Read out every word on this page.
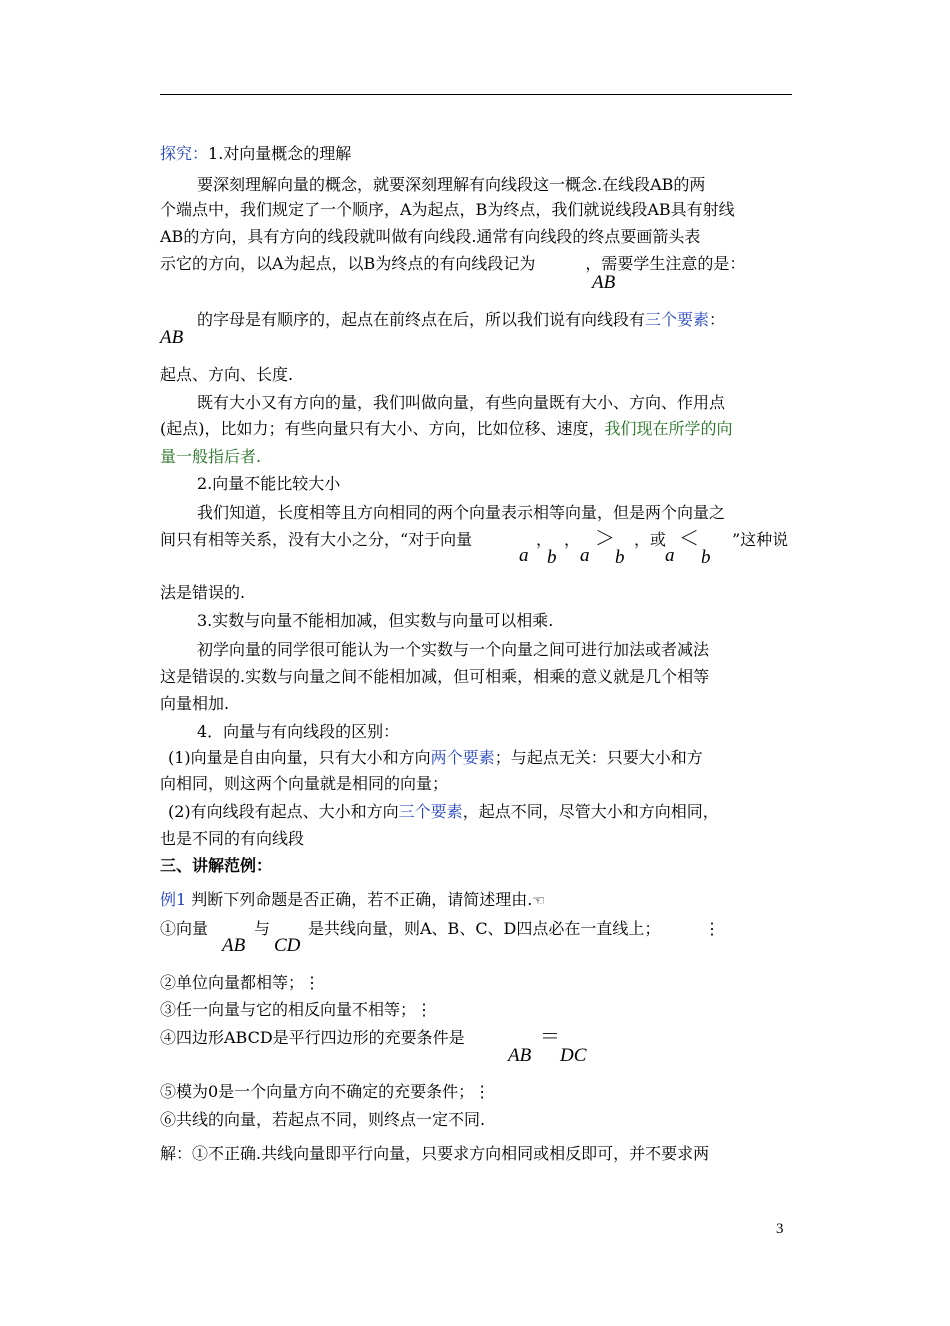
探究：1.对向量概念的理解
要深刻理解向量的概念，就要深刻理解有向线段这一概念.在线段AB的两
个端点中，我们规定了一个顺序，A为起点，B为终点，我们就说线段AB具有射线
AB的方向，具有方向的线段就叫做有向线段.通常有向线段的终点要画箭头表
示它的方向，以A为起点，以B为终点的有向线段记为	，需要学生注意的是：
AB
的字母是有顺序的，起点在前终点在后，所以我们说有向线段有三个要素：
AB
起点、方向、长度.
既有大小又有方向的量，我们叫做向量，有些向量既有大小、方向、作用点
(起点)，比如力；有些向量只有大小、方向，比如位移、速度，我们现在所学的向
量一般指后者.
2.向量不能比较大小
我们知道，长度相等且方向相同的两个向量表示相等向量，但是两个向量之
间只有相等关系，没有大小之分，“对于向量	， ，	，或	”这种说
a b a
＞
b a
＜
b
法是错误的.
3.实数与向量不能相加减，但实数与向量可以相乘.
初学向量的同学很可能认为一个实数与一个向量之间可进行加法或者减法
这是错误的.实数与向量之间不能相加减，但可相乘，相乘的意义就是几个相等
向量相加.
4．向量与有向线段的区别：
(1)向量是自由向量，只有大小和方向两个要素；与起点无关：只要大小和方
向相同，则这两个向量就是相同的向量；
(2)有向线段有起点、大小和方向三个要素，起点不同，尽管大小和方向相同，
也是不同的有向线段
三、讲解范例：
例1 判断下列命题是否正确，若不正确，请简述理由.☜
①向量	与 是共线向量，则A、B、C、D四点必在一直线上；	⋮
AB CD
②单位向量都相等；⋮
③任一向量与它的相反向量不相等；⋮
④四边形ABCD是平行四边形的充要条件是
AB
＝
DC
⑤模为0是一个向量方向不确定的充要条件；⋮
⑥共线的向量，若起点不同，则终点一定不同.
解：①不正确.共线向量即平行向量，只要求方向相同或相反即可，并不要求两
3
